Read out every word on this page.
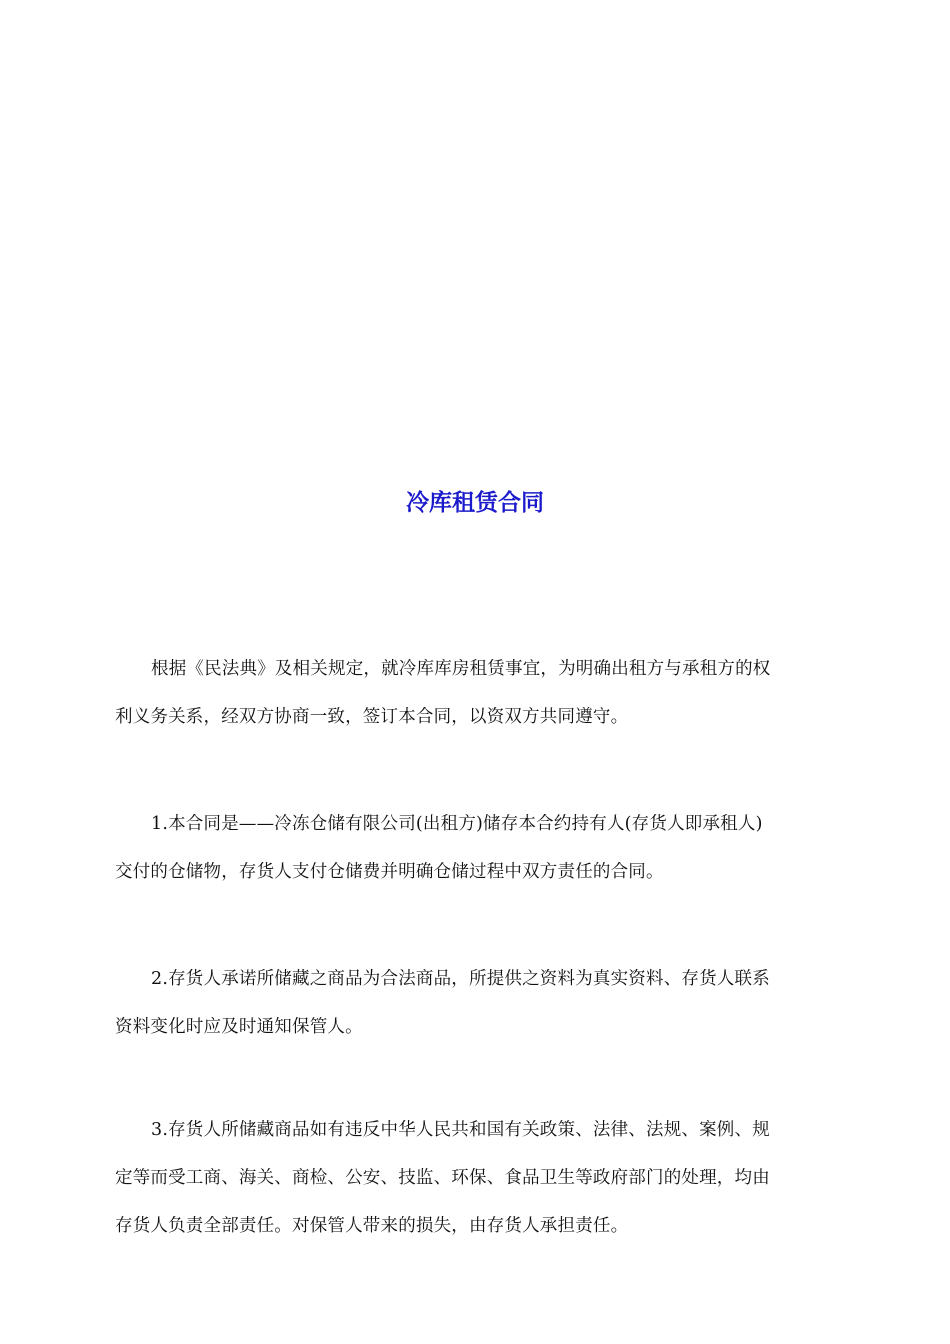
冷库租赁合同
根据《民法典》及相关规定，就冷库库房租赁事宜，为明确出租方与承租方的权
利义务关系，经双方协商一致，签订本合同，以资双方共同遵守。
1.本合同是——冷冻仓储有限公司(出租方)储存本合约持有人(存货人即承租人)
交付的仓储物，存货人支付仓储费并明确仓储过程中双方责任的合同。
2.存货人承诺所储藏之商品为合法商品，所提供之资料为真实资料、存货人联系
资料变化时应及时通知保管人。
3.存货人所储藏商品如有违反中华人民共和国有关政策、法律、法规、案例、规
定等而受工商、海关、商检、公安、技监、环保、食品卫生等政府部门的处理，均由
存货人负责全部责任。对保管人带来的损失，由存货人承担责任。
